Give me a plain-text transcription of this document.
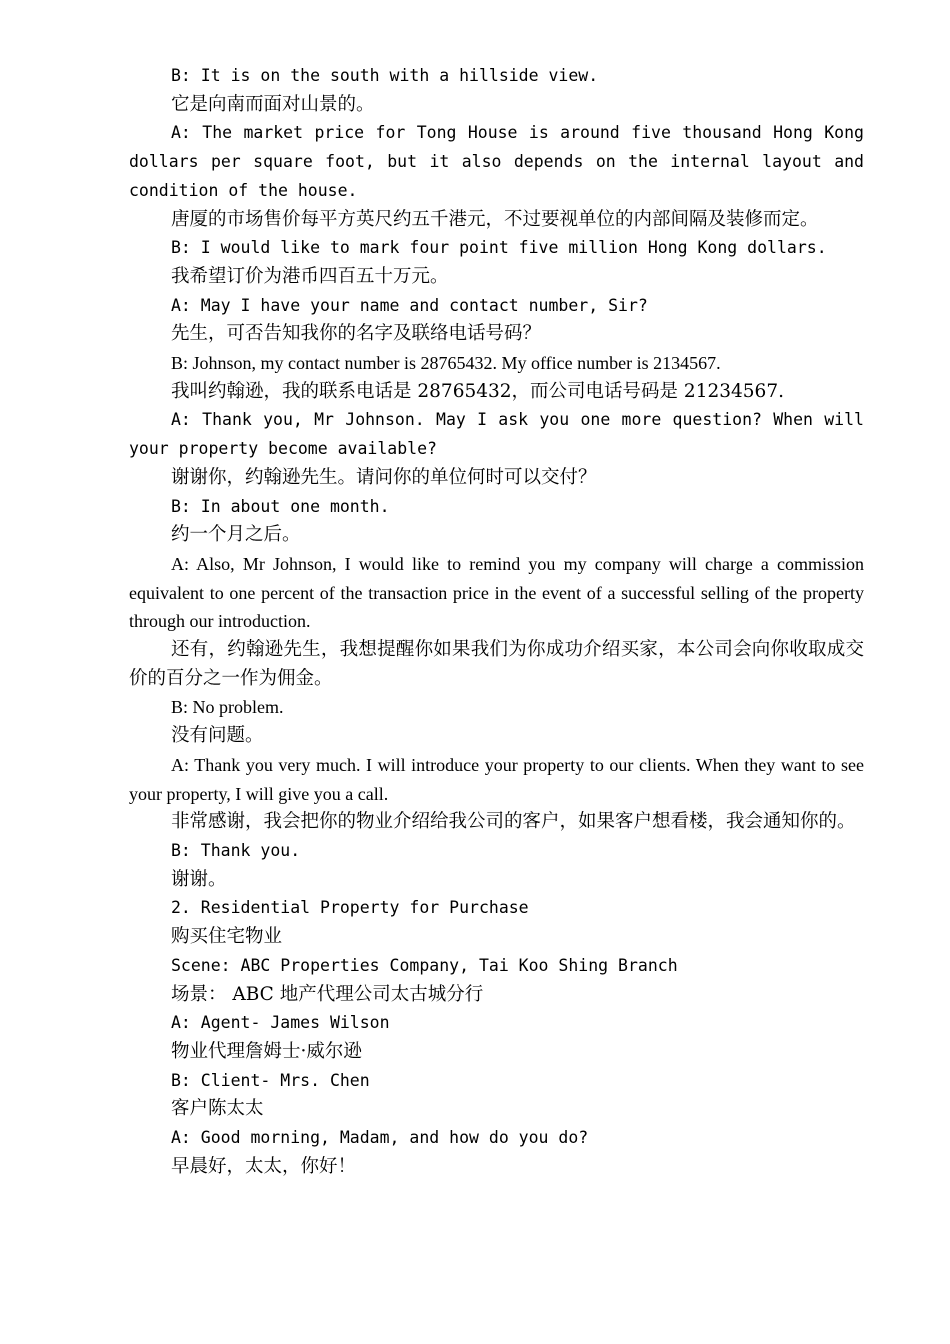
B: It is on the south with a hillside view.

它是向南而面对山景的。

A: The market price for Tong House is around five thousand Hong Kong dollars per square foot, but it also depends on the internal layout and condition of the house.

唐厦的市场售价每平方英尺约五千港元，不过要视单位的内部间隔及装修而定。

B: I would like to mark four point five million Hong Kong dollars.

我希望订价为港币四百五十万元。

A: May I have your name and contact number, Sir?

先生，可否告知我你的名字及联络电话号码？

B: Johnson, my contact number is 28765432. My office number is 2134567.

我叫约翰逊，我的联系电话是 28765432，而公司电话号码是 21234567.

A: Thank you, Mr Johnson. May I ask you one more question? When will your property become available?

谢谢你，约翰逊先生。请问你的单位何时可以交付？

B: In about one month.

约一个月之后。

A: Also, Mr Johnson, I would like to remind you my company will charge a commission equivalent to one percent of the transaction price in the event of a successful selling of the property through our introduction.

还有，约翰逊先生，我想提醒你如果我们为你成功介绍买家，本公司会向你收取成交价的百分之一作为佣金。

B: No problem.

没有问题。

A: Thank you very much. I will introduce your property to our clients. When they want to see your property, I will give you a call.

非常感谢，我会把你的物业介绍给我公司的客户，如果客户想看楼，我会通知你的。

B: Thank you.

谢谢。

2. Residential Property for Purchase

购买住宅物业

Scene: ABC Properties Company, Tai Koo Shing Branch

场景： ABC 地产代理公司太古城分行

A: Agent- James Wilson

物业代理詹姆士·威尔逊

B: Client- Mrs. Chen

客户陈太太

A: Good morning, Madam, and how do you do?

早晨好，太太，你好！
